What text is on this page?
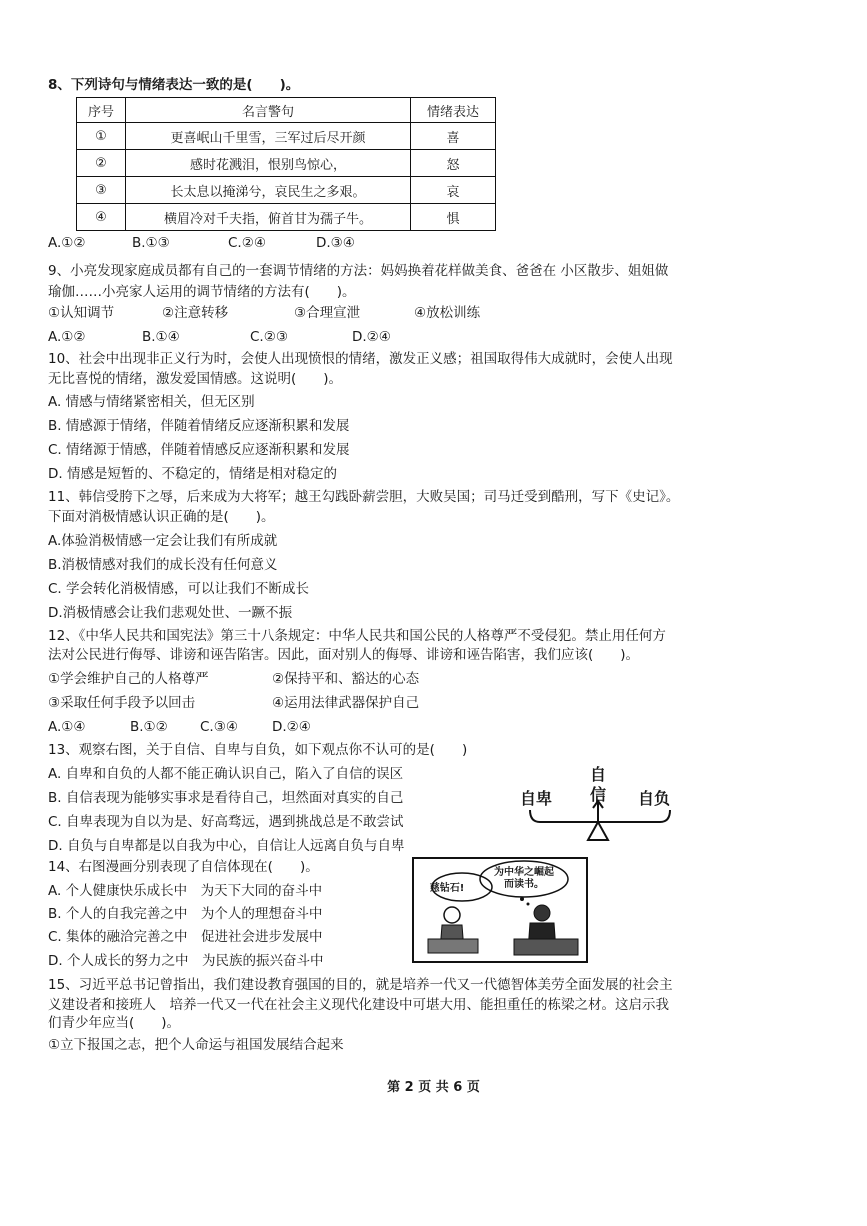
8、下列诗句与情绪表达一致的是(　　)。
序号	名言警句	情绪表达
①	更喜岷山千里雪，三军过后尽开颜	喜
②	感时花溅泪，恨别鸟惊心，	怒
③	长太息以掩涕兮，哀民生之多艰。	哀
④	横眉冷对千夫指，俯首甘为孺子牛。	惧
A.①②	B.①③	C.②④	D.③④
9、小亮发现家庭成员都有自己的一套调节情绪的方法：妈妈换着花样做美食、爸爸在 小区散步、姐姐做
瑜伽……小亮家人运用的调节情绪的方法有(　　)。
①认知调节	②注意转移	③合理宣泄	④放松训练
A.①②	B.①④	C.②③	D.②④
10、社会中出现非正义行为时，会使人出现愤恨的情绪，激发正义感；祖国取得伟大成就时，会使人出现
无比喜悦的情绪，激发爱国情感。这说明(　　)。
A. 情感与情绪紧密相关，但无区别
B. 情感源于情绪，伴随着情绪反应逐渐积累和发展
C. 情绪源于情感，伴随着情感反应逐渐积累和发展
D. 情感是短暂的、不稳定的，情绪是相对稳定的
11、韩信受胯下之辱，后来成为大将军；越王勾践卧薪尝胆，大败吴国；司马迁受到酷刑，写下《史记》。
下面对消极情感认识正确的是(　　)。
A.体验消极情感一定会让我们有所成就
B.消极情感对我们的成长没有任何意义
C. 学会转化消极情感，可以让我们不断成长
D.消极情感会让我们悲观处世、一蹶不振
12、《中华人民共和国宪法》第三十八条规定：中华人民共和国公民的人格尊严不受侵犯。禁止用任何方
法对公民进行侮辱、诽谤和诬告陷害。因此，面对别人的侮辱、诽谤和诬告陷害，我们应该(　　)。
①学会维护自己的人格尊严	②保持平和、豁达的心态
③采取任何手段予以回击	④运用法律武器保护自己
A.①④	B.①② C.③④	D.②④
13、观察右图，关于自信、自卑与自负，如下观点你不认可的是(　　)
A. 自卑和自负的人都不能正确认识自己，陷入了自信的误区
B. 自信表现为能够实事求是看待自己，坦然面对真实的自己
C. 自卑表现为自以为是、好高骛远，遇到挑战总是不敢尝试
D. 自负与自卑都是以自我为中心，自信让人远离自负与自卑
自
信
自卑	自负
14、右图漫画分别表现了自信体现在(　　)。
A. 个人健康快乐成长中　为天下大同的奋斗中
B. 个人的自我完善之中　为个人的理想奋斗中
C. 集体的融洽完善之中　促进社会进步发展中
D. 个人成长的努力之中　为民族的振兴奋斗中
慈钻石!
为中华之崛起而读书。
15、习近平总书记曾指出，我们建设教育强国的目的，就是培养一代又一代德智体美劳全面发展的社会主
义建设者和接班人　培养一代又一代在社会主义现代化建设中可堪大用、能担重任的栋梁之材。这启示我
们青少年应当(　　)。
①立下报国之志，把个人命运与祖国发展结合起来
第 2 页 共 6 页
